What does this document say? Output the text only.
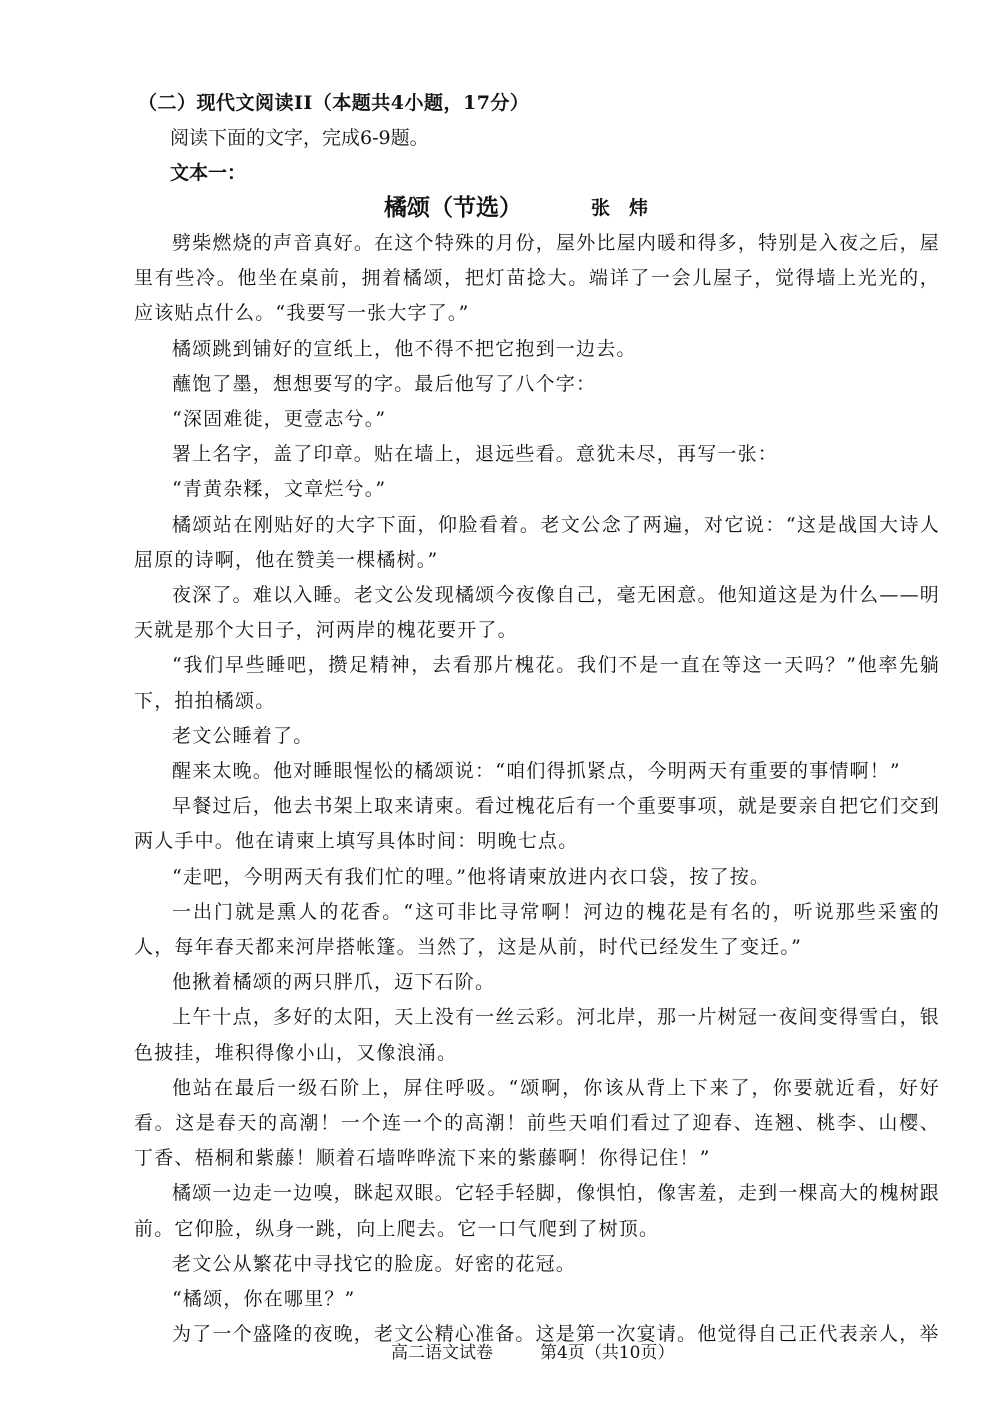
（二）现代文阅读II（本题共4小题，17分）
阅读下面的文字，完成6-9题。
文本一：
橘颂（节选）	张炜

劈柴燃烧的声音真好。在这个特殊的月份，屋外比屋内暖和得多，特别是入夜之后，屋里有些冷。他坐在桌前，拥着橘颂，把灯苗捻大。端详了一会儿屋子，觉得墙上光光的，应该贴点什么。“我要写一张大字了。”

橘颂跳到铺好的宣纸上，他不得不把它抱到一边去。

蘸饱了墨，想想要写的字。最后他写了八个字：

“深固难徙，更壹志兮。”

署上名字，盖了印章。贴在墙上，退远些看。意犹未尽，再写一张：

“青黄杂糅，文章烂兮。”

橘颂站在刚贴好的大字下面，仰脸看着。老文公念了两遍，对它说：“这是战国大诗人屈原的诗啊，他在赞美一棵橘树。”

夜深了。难以入睡。老文公发现橘颂今夜像自己，毫无困意。他知道这是为什么——明天就是那个大日子，河两岸的槐花要开了。

“我们早些睡吧，攒足精神，去看那片槐花。我们不是一直在等这一天吗？”他率先躺下，拍拍橘颂。

老文公睡着了。

醒来太晚。他对睡眼惺忪的橘颂说：“咱们得抓紧点，今明两天有重要的事情啊！”

早餐过后，他去书架上取来请柬。看过槐花后有一个重要事项，就是要亲自把它们交到两人手中。他在请柬上填写具体时间：明晚七点。

“走吧，今明两天有我们忙的哩。”他将请柬放进内衣口袋，按了按。

一出门就是熏人的花香。“这可非比寻常啊！河边的槐花是有名的，听说那些采蜜的人，每年春天都来河岸搭帐篷。当然了，这是从前，时代已经发生了变迁。”

他揪着橘颂的两只胖爪，迈下石阶。

上午十点，多好的太阳，天上没有一丝云彩。河北岸，那一片树冠一夜间变得雪白，银色披挂，堆积得像小山，又像浪涌。

他站在最后一级石阶上，屏住呼吸。“颂啊，你该从背上下来了，你要就近看，好好看。这是春天的高潮！一个连一个的高潮！前些天咱们看过了迎春、连翘、桃李、山樱、丁香、梧桐和紫藤！顺着石墙哗哗流下来的紫藤啊！你得记住！”

橘颂一边走一边嗅，眯起双眼。它轻手轻脚，像惧怕，像害羞，走到一棵高大的槐树跟前。它仰脸，纵身一跳，向上爬去。它一口气爬到了树顶。

老文公从繁花中寻找它的脸庞。好密的花冠。

“橘颂，你在哪里？”

为了一个盛隆的夜晚，老文公精心准备。这是第一次宴请。他觉得自己正代表亲人，举

高二语文试卷	第4页（共10页）
